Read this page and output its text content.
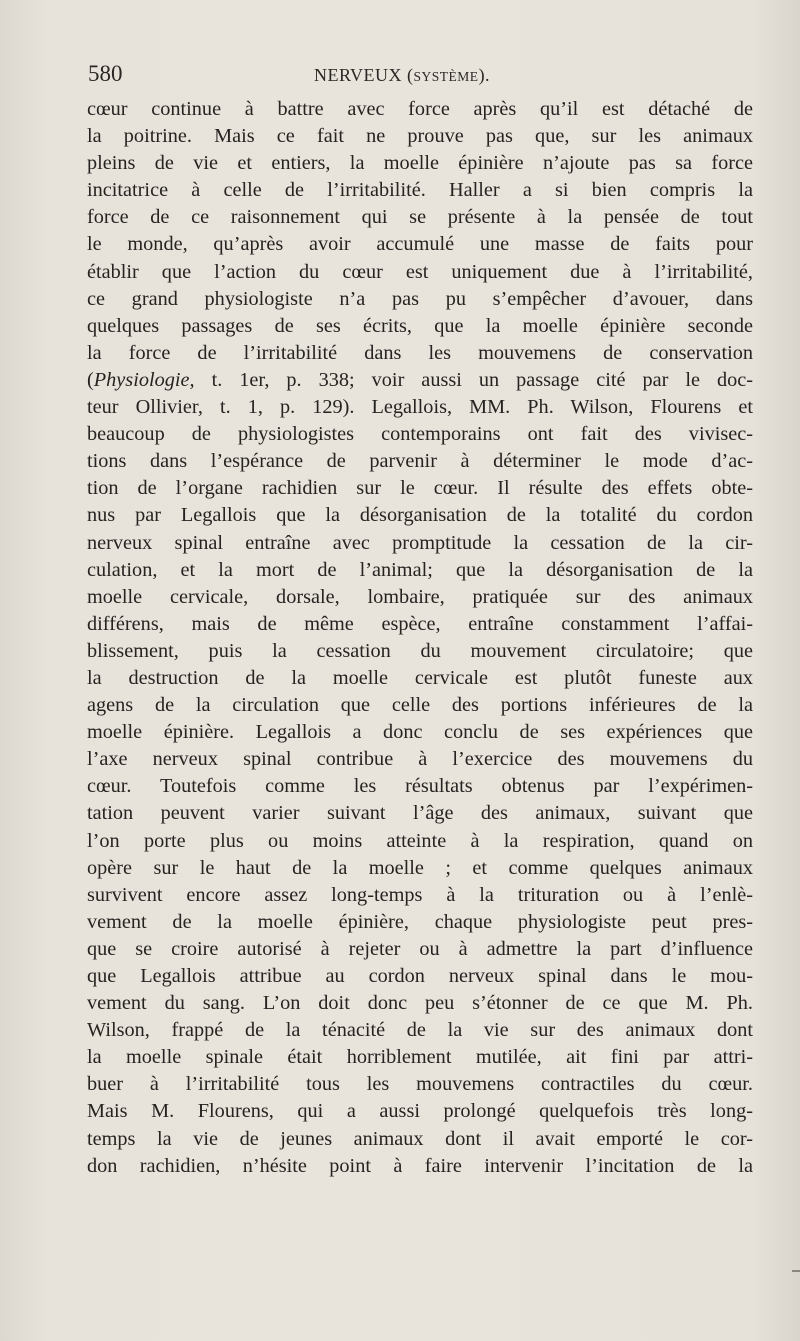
580	NERVEUX (SYSTÈME).
cœur continue à battre avec force après qu’il est détaché de
la poitrine. Mais ce fait ne prouve pas que, sur les animaux
pleins de vie et entiers, la moelle épinière n’ajoute pas sa force
incitatrice à celle de l’irritabilité. Haller a si bien compris la
force de ce raisonnement qui se présente à la pensée de tout
le monde, qu’après avoir accumulé une masse de faits pour
établir que l’action du cœur est uniquement due à l’irritabilité,
ce grand physiologiste n’a pas pu s’empêcher d’avouer, dans
quelques passages de ses écrits, que la moelle épinière seconde
la force de l’irritabilité dans les mouvemens de conservation
(Physiologie, t. 1er, p. 338; voir aussi un passage cité par le doc-
teur Ollivier, t. 1, p. 129). Legallois, MM. Ph. Wilson, Flourens et
beaucoup de physiologistes contemporains ont fait des vivisec-
tions dans l’espérance de parvenir à déterminer le mode d’ac-
tion de l’organe rachidien sur le cœur. Il résulte des effets obte-
nus par Legallois que la désorganisation de la totalité du cordon
nerveux spinal entraîne avec promptitude la cessation de la cir-
culation, et la mort de l’animal; que la désorganisation de la
moelle cervicale, dorsale, lombaire, pratiquée sur des animaux
différens, mais de même espèce, entraîne constamment l’affai-
blissement, puis la cessation du mouvement circulatoire; que
la destruction de la moelle cervicale est plutôt funeste aux
agens de la circulation que celle des portions inférieures de la
moelle épinière. Legallois a donc conclu de ses expériences que
l’axe nerveux spinal contribue à l’exercice des mouvemens du
cœur. Toutefois comme les résultats obtenus par l’expérimen-
tation peuvent varier suivant l’âge des animaux, suivant que
l’on porte plus ou moins atteinte à la respiration, quand on
opère sur le haut de la moelle ; et comme quelques animaux
survivent encore assez long-temps à la trituration ou à l’enlè-
vement de la moelle épinière, chaque physiologiste peut pres-
que se croire autorisé à rejeter ou à admettre la part d’influence
que Legallois attribue au cordon nerveux spinal dans le mou-
vement du sang. L’on doit donc peu s’étonner de ce que M. Ph.
Wilson, frappé de la ténacité de la vie sur des animaux dont
la moelle spinale était horriblement mutilée, ait fini par attri-
buer à l’irritabilité tous les mouvemens contractiles du cœur.
Mais M. Flourens, qui a aussi prolongé quelquefois très long-
temps la vie de jeunes animaux dont il avait emporté le cor-
don rachidien, n’hésite point à faire intervenir l’incitation de la
